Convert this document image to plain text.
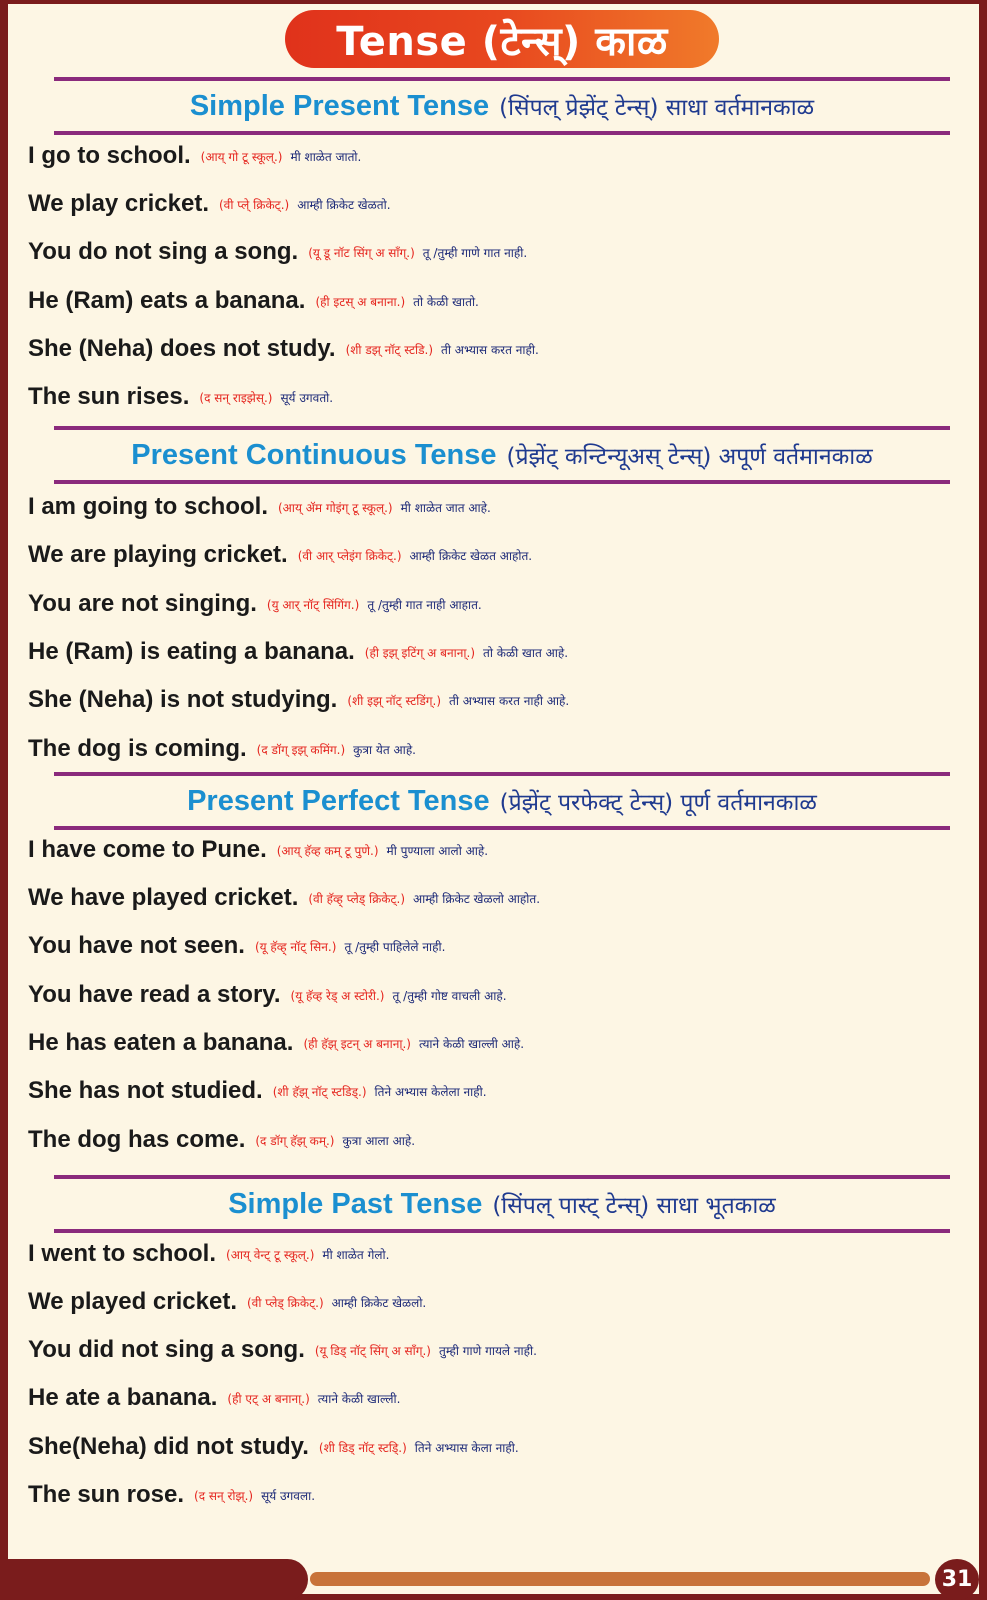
Tense (टेन्स्) काळ
Simple Present Tense (सिंपल् प्रेझेंट् टेन्स्) साधा वर्तमानकाळ
I go to school. (आय् गो टू स्कूल्.) मी शाळेत जातो.
We play cricket. (वी प्ले् क्रिकेट्.) आम्ही क्रिकेट खेळतो.
You do not sing a song. (यू डू नॉट सिंग् अ साँग्.) तू /तुम्ही गाणे गात नाही.
He (Ram) eats a banana. (ही इटस् अ बनाना.) तो केळी खातो.
She (Neha) does not study. (शी डझ् नॉट् स्टडि.) ती अभ्यास करत नाही.
The sun rises. (द सन् राइझेस्.) सूर्य उगवतो.
Present Continuous Tense (प्रेझेंट् कन्टिन्यूअस् टेन्स्) अपूर्ण वर्तमानकाळ
I am going to school. (आय् ॲम गोइंग् टू स्कूल्.) मी शाळेत जात आहे.
We are playing cricket. (वी आर् प्लेइंग क्रिकेट्.) आम्ही क्रिकेट खेळत आहोत.
You are not singing. (यु आर् नॉट् सिंगिंग.) तू /तुम्ही गात नाही आहात.
He (Ram) is eating a banana. (ही इझ् इटिंग् अ बनाना्.) तो केळी खात आहे.
She (Neha) is not studying. (शी इझ् नॉट् स्टडिंग्.) ती अभ्यास करत नाही आहे.
The dog is coming. (द डॉग् इझ् कमिंग.) कुत्रा येत आहे.
Present Perfect Tense (प्रेझेंट् परफेक्ट् टेन्स्) पूर्ण वर्तमानकाळ
I have come to Pune. (आय् हॅव्ह कम् टू पुणे.) मी पुण्याला आलो आहे.
We have played cricket. (वी हॅव्ह् प्लेड् क्रिकेट्.) आम्ही क्रिकेट खेळलो आहोत.
You have not seen. (यू हॅव्ह् नॉट् सिन.) तू /तुम्ही पाहिलेले नाही.
You have read a story. (यू हॅव्ह रेड् अ स्टोरी.) तू /तुम्ही गोष्ट वाचली आहे.
He has eaten a banana. (ही हॅझ् इटन् अ बनाना्.) त्याने केळी खाल्ली आहे.
She has not studied. (शी हॅझ् नॉट् स्टडिड्.) तिने अभ्यास केलेला नाही.
The dog has come. (द डॉग् हॅझ् कम्.) कुत्रा आला आहे.
Simple Past Tense (सिंपल् पास्ट् टेन्स्) साधा भूतकाळ
I went to school. (आय् वेन्ट् टू स्कूल्.) मी शाळेत गेलो.
We played cricket. (वी प्लेड् क्रिकेट्.) आम्ही क्रिकेट खेळलो.
You did not sing a song. (यू डिड् नॉट् सिंग् अ साँग्.) तुम्ही गाणे गायले नाही.
He ate a banana. (ही एट् अ बनाना्.) त्याने केळी खाल्ली.
She(Neha) did not study. (शी डिड् नॉट् स्टडि्.) तिने अभ्यास केला नाही.
The sun rose. (द सन् रोझ्.) सूर्य उगवला.
31
